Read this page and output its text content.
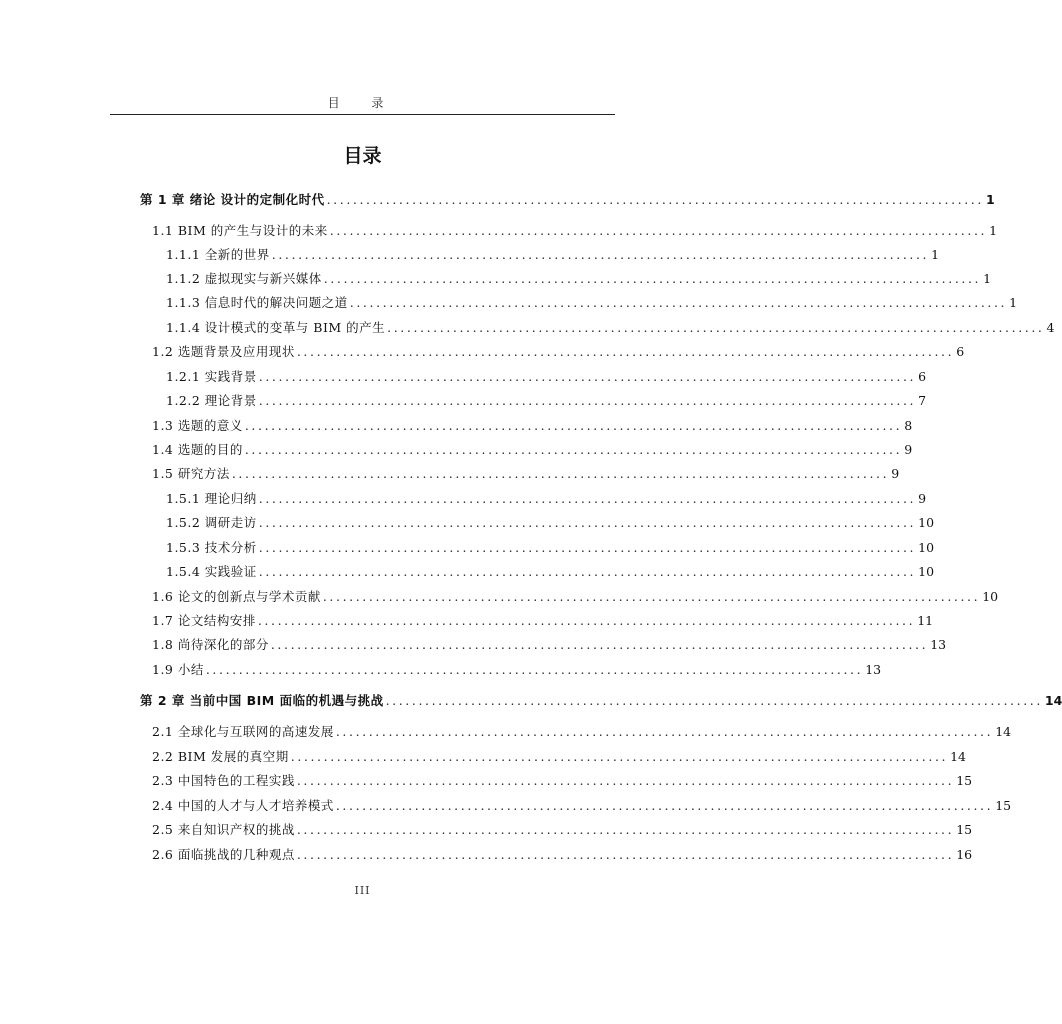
目 录
目录
第 1 章 绪论 设计的定制化时代 .................................................................................................... 1
1.1 BIM 的产生与设计的未来 .................................................................................................... 1
1.1.1 全新的世界 .................................................................................................... 1
1.1.2 虚拟现实与新兴媒体 .................................................................................................... 1
1.1.3 信息时代的解决问题之道 .................................................................................................... 1
1.1.4 设计模式的变革与 BIM 的产生 .................................................................................................... 4
1.2 选题背景及应用现状 .................................................................................................... 6
1.2.1 实践背景 .................................................................................................... 6
1.2.2 理论背景 .................................................................................................... 7
1.3 选题的意义 .................................................................................................... 8
1.4 选题的目的 .................................................................................................... 9
1.5 研究方法 .................................................................................................... 9
1.5.1 理论归纳 .................................................................................................... 9
1.5.2 调研走访 .................................................................................................... 10
1.5.3 技术分析 .................................................................................................... 10
1.5.4 实践验证 .................................................................................................... 10
1.6 论文的创新点与学术贡献 .................................................................................................... 10
1.7 论文结构安排 .................................................................................................... 11
1.8 尚待深化的部分 .................................................................................................... 13
1.9 小结 .................................................................................................... 13
第 2 章 当前中国 BIM 面临的机遇与挑战 .................................................................................................... 14
2.1 全球化与互联网的高速发展 .................................................................................................... 14
2.2 BIM 发展的真空期 .................................................................................................... 14
2.3 中国特色的工程实践 .................................................................................................... 15
2.4 中国的人才与人才培养模式 .................................................................................................... 15
2.5 来自知识产权的挑战 .................................................................................................... 15
2.6 面临挑战的几种观点 .................................................................................................... 16
III
